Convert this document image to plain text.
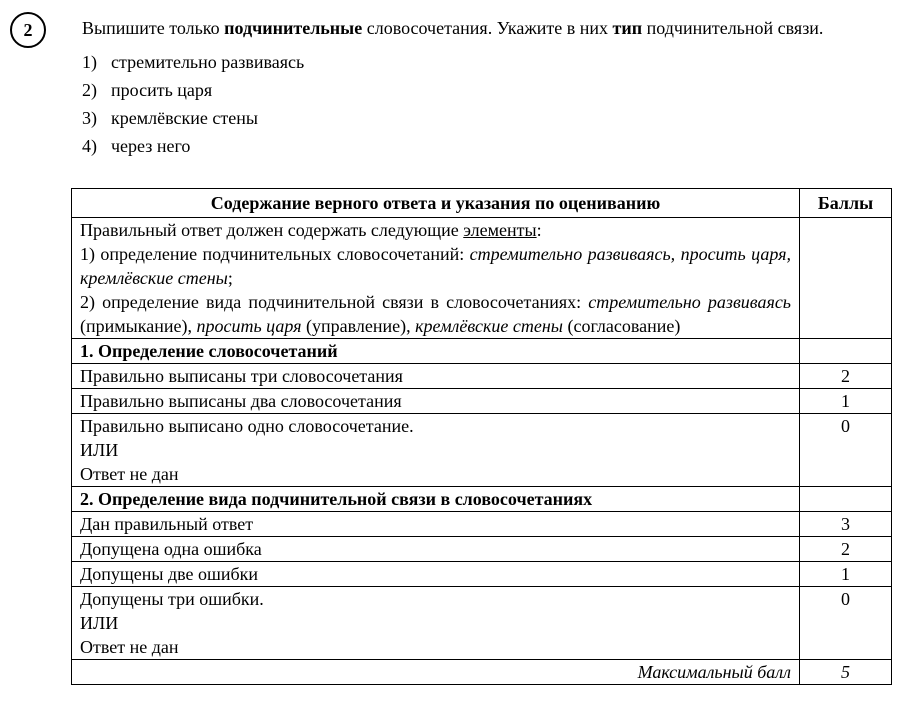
2	Выпишите только подчинительные словосочетания. Укажите в них тип подчинительной связи.
1) стремительно развиваясь
2) просить царя
3) кремлёвские стены
4) через него
Содержание верного ответа и указания по оцениванию	Баллы

Правильный ответ должен содержать следующие элементы:
1) определение подчинительных словосочетаний: стремительно развиваясь, просить царя, кремлёвские стены;
2) определение вида подчинительной связи в словосочетаниях: стремительно развиваясь (примыкание), просить царя (управление), кремлёвские стены (согласование)	

1. Определение словосочетаний	
Правильно выписаны три словосочетания	2
Правильно выписаны два словосочетания	1

Правильно выписано одно словосочетание.
ИЛИ
Ответ не дан	0
2. Определение вида подчинительной связи в словосочетаниях	
Дан правильный ответ	3
Допущена одна ошибка	2
Допущены две ошибки	1

Допущены три ошибки.
ИЛИ
Ответ не дан	0
Максимальный балл	5
